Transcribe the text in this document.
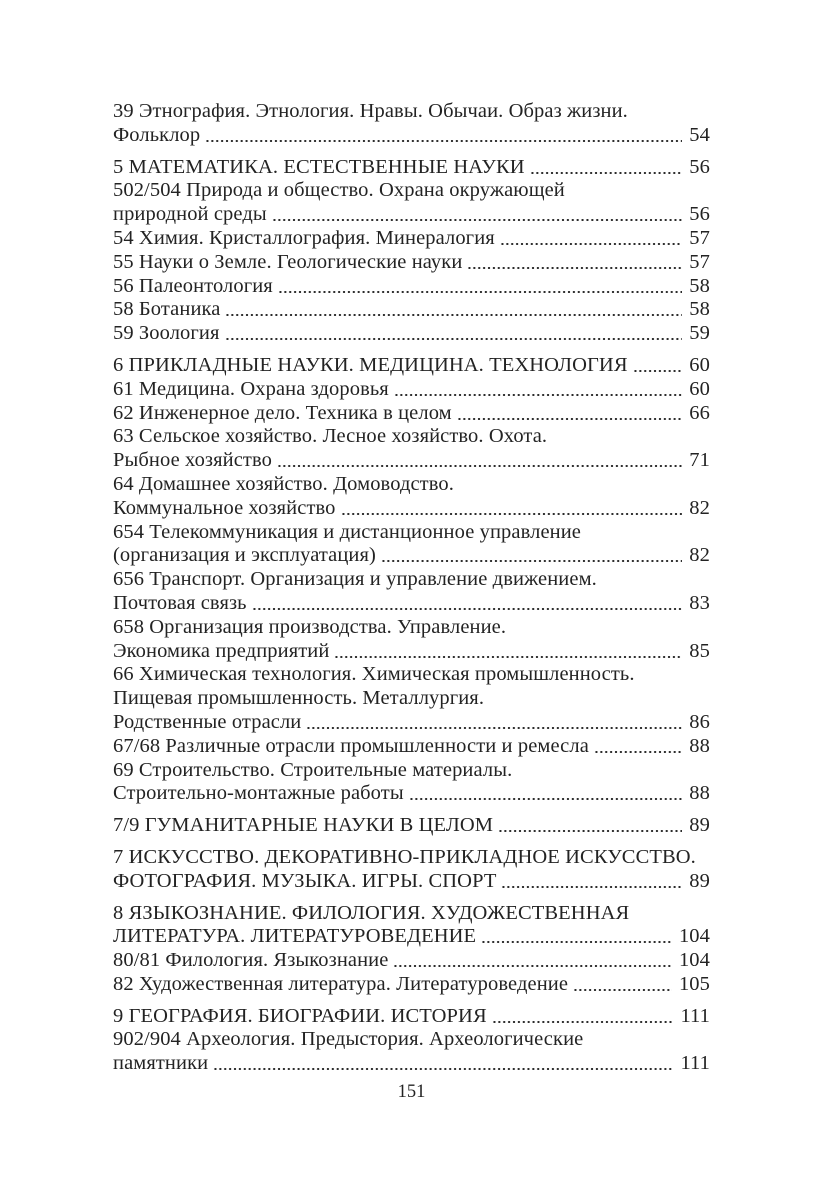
39 Этнография. Этнология. Нравы. Обычаи. Образ жизни.
Фольклор	54
5 МАТЕМАТИКА. ЕСТЕСТВЕННЫЕ НАУКИ	56
502/504 Природа и общество. Охрана окружающей
природной среды	56
54 Химия. Кристаллография. Минералогия	57
55 Науки о Земле. Геологические науки	57
56 Палеонтология	58
58 Ботаника	58
59 Зоология	59
6 ПРИКЛАДНЫЕ НАУКИ. МЕДИЦИНА. ТЕХНОЛОГИЯ	60
61 Медицина. Охрана здоровья	60
62 Инженерное дело. Техника в целом	66
63 Сельское хозяйство. Лесное хозяйство. Охота.
Рыбное хозяйство	71
64 Домашнее хозяйство. Домоводство.
Коммунальное хозяйство	82
654 Телекоммуникация и дистанционное управление
(организация и эксплуатация)	82
656 Транспорт. Организация и управление движением.
Почтовая связь	83
658 Организация производства. Управление.
Экономика предприятий	85
66 Химическая технология. Химическая промышленность.
Пищевая промышленность. Металлургия.
Родственные отрасли	86
67/68 Различные отрасли промышленности и ремесла	88
69 Строительство. Строительные материалы.
Строительно-монтажные работы	88
7/9 ГУМАНИТАРНЫЕ НАУКИ В ЦЕЛОМ	89
7 ИСКУССТВО. ДЕКОРАТИВНО-ПРИКЛАДНОЕ ИСКУССТВО.
ФОТОГРАФИЯ. МУЗЫКА. ИГРЫ. СПОРТ	89
8 ЯЗЫКОЗНАНИЕ. ФИЛОЛОГИЯ. ХУДОЖЕСТВЕННАЯ
ЛИТЕРАТУРА. ЛИТЕРАТУРОВЕДЕНИЕ	104
80/81 Филология. Языкознание	104
82 Художественная литература. Литературоведение	105
9 ГЕОГРАФИЯ. БИОГРАФИИ. ИСТОРИЯ	111
902/904 Археология. Предыстория. Археологические
памятники	111
151
